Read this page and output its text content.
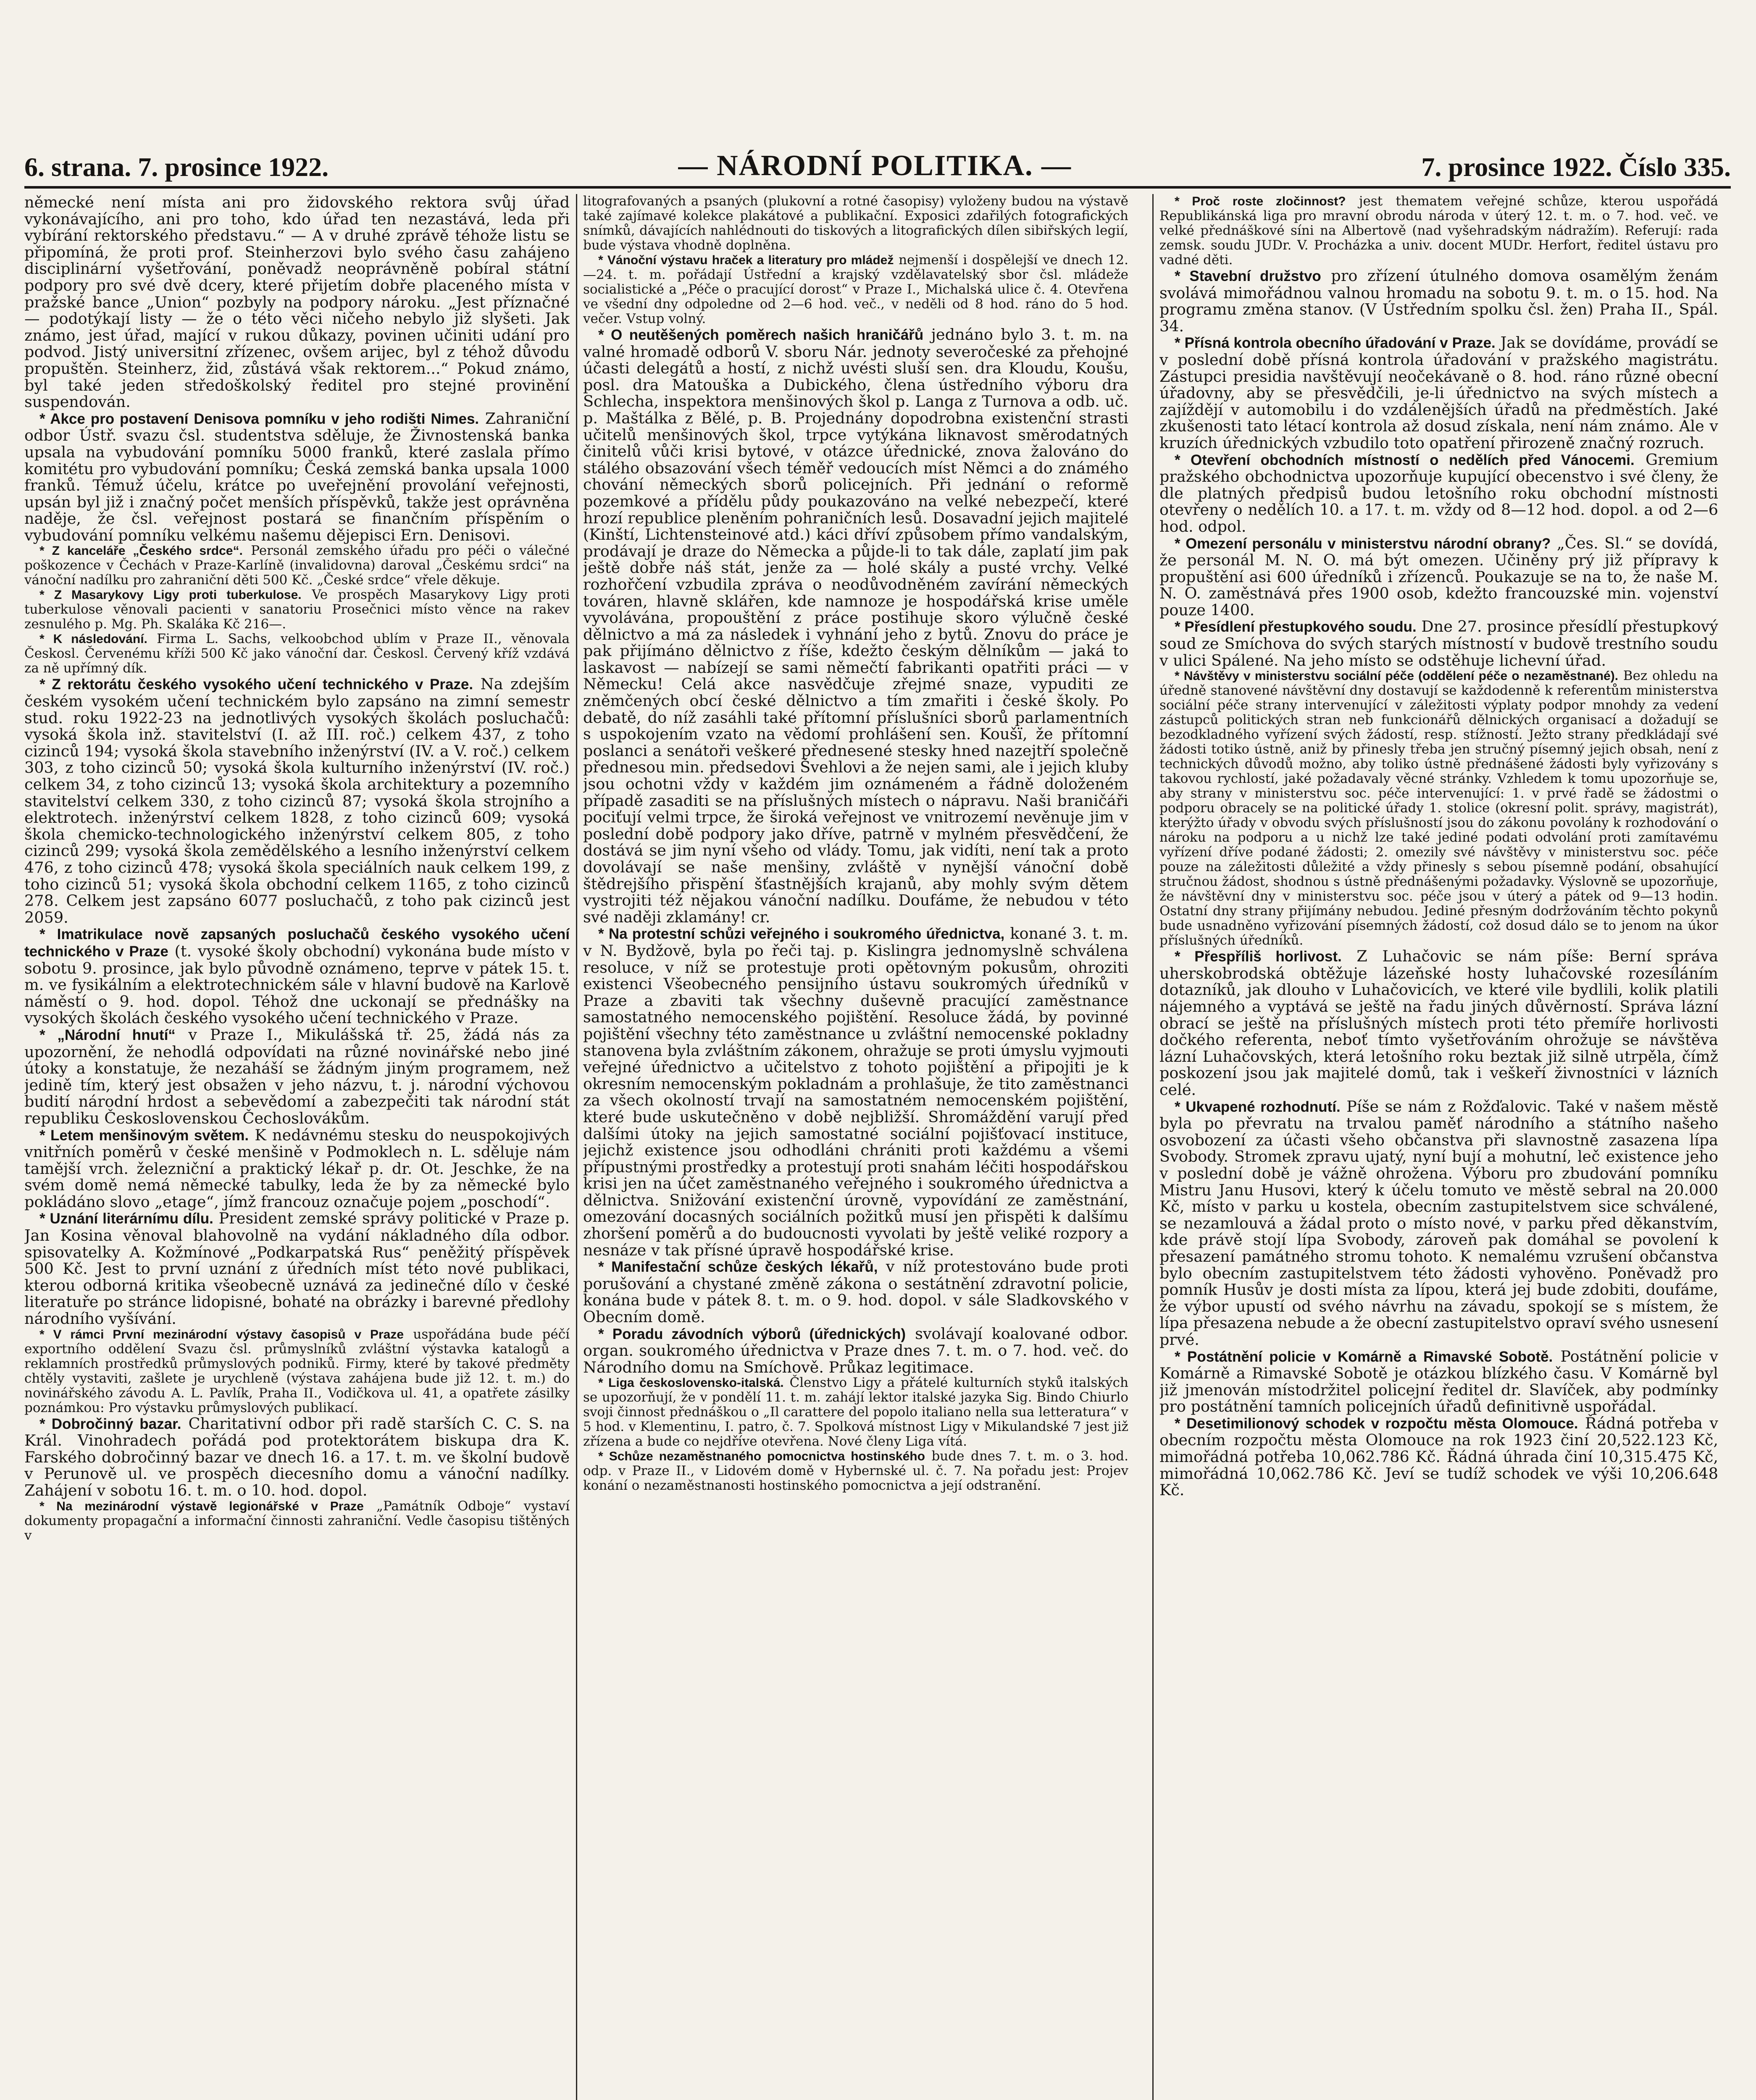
6. strana. 7. prosince 1922.	— NÁRODNÍ POLITIKA. —	7. prosince 1922. Číslo 335.

německé není místa ani pro židovského rektora svůj úřad vykonávajícího, ani pro toho, kdo úřad ten nezastává, leda při vybírání rektorského představu.“ — A v druhé zprávě téhože listu se připomíná, že proti prof. Steinherzovi bylo svého času zahájeno disciplinární vyšetřování, poněvadž neoprávněně pobíral státní podpory pro své dvě dcery, které přijetím dobře placeného místa v pražské bance „Union“ pozbyly na podpory nároku. „Jest příznačné — podotýkají listy — že o této věci ničeho nebylo již slyšeti. Jak známo, jest úřad, mající v rukou důkazy, povinen učiniti udání pro podvod. Jistý universitní zřízenec, ovšem arijec, byl z téhož důvodu propuštěn. Steinherz, žid, zůstává však rektorem...“ Pokud známo, byl také jeden středoškolský ředitel pro stejné provinění suspendován.

* Akce pro postavení Denisova pomníku v jeho rodišti Nimes. Zahraniční odbor Ústř. svazu čsl. studentstva sděluje, že Živnostenská banka upsala na vybudování pomníku 5000 franků, které zaslala přímo komitétu pro vybudování pomníku; Česká zemská banka upsala 1000 franků. Témuž účelu, krátce po uveřejnění provolání veřejnosti, upsán byl již i značný počet menších příspěvků, takže jest oprávněna naděje, že čsl. veřejnost postará se finančním příspěním o vybudování pomníku velkému našemu dějepisci Ern. Denisovi.

* Z kanceláře „Českého srdce“. Personál zemského úřadu pro péči o válečné poškozence v Čechách v Praze-Karlíně (invalidovna) daroval „Českému srdci“ na vánoční nadílku pro zahraniční děti 500 Kč. „České srdce“ vřele děkuje.

* Z Masarykovy Ligy proti tuberkulose. Ve prospěch Masarykovy Ligy proti tuberkulose věnovali pacienti v sanatoriu Prosečnici místo věnce na rakev zesnulého p. Mg. Ph. Skaláka Kč 216—.

* K následování. Firma L. Sachs, velkoobchod ublím v Praze II., věnovala Českosl. Červenému kříži 500 Kč jako vánoční dar. Českosl. Červený kříž vzdává za ně upřímný dík.

* Z rektorátu českého vysokého učení technického v Praze. Na zdejším českém vysokém učení technickém bylo zapsáno na zimní semestr stud. roku 1922-23 na jednotlivých vysokých školách posluchačů: vysoká škola inž. stavitelství (I. až III. roč.) celkem 437, z toho cizinců 194; vysoká škola stavebního inženýrství (IV. a V. roč.) celkem 303, z toho cizinců 50; vysoká škola kulturního inženýrství (IV. roč.) celkem 34, z toho cizinců 13; vysoká škola architektury a pozemního stavitelství celkem 330, z toho cizinců 87; vysoká škola strojního a elektrotech. inženýrství celkem 1828, z toho cizinců 609; vysoká škola chemicko-technologického inženýrství celkem 805, z toho cizinců 299; vysoká škola zemědělského a lesního inženýrství celkem 476, z toho cizinců 478; vysoká škola speciálních nauk celkem 199, z toho cizinců 51; vysoká škola obchodní celkem 1165, z toho cizinců 278. Celkem jest zapsáno 6077 posluchačů, z toho pak cizinců jest 2059.

* Imatrikulace nově zapsaných posluchačů českého vysokého učení technického v Praze (t. vysoké školy obchodní) vykonána bude místo v sobotu 9. prosince, jak bylo původně oznámeno, teprve v pátek 15. t. m. ve fysikálním a elektrotechnickém sále v hlavní budově na Karlově náměstí o 9. hod. dopol. Téhož dne uckonají se přednášky na vysokých školách českého vysokého učení technického v Praze.

* „Národní hnutí“ v Praze I., Mikulášská tř. 25, žádá nás za upozornění, že nehodlá odpovídati na různé novinářské nebo jiné útoky a konstatuje, že nezaháší se žádným jiným programem, než jedině tím, který jest obsažen v jeho názvu, t. j. národní výchovou budití národní hrdost a sebevědomí a zabezpečiti tak národní stát republiku Československou Čechoslovákům.

* Letem menšinovým světem. K nedávnému stesku do neuspokojivých vnitřních poměrů v české menšině v Podmoklech n. L. sděluje nám tamější vrch. železniční a praktický lékař p. dr. Ot. Jeschke, že na svém domě nemá německé tabulky, leda že by za německé bylo pokládáno slovo „etage“, jímž francouz označuje pojem „poschodí“.

* Uznání literárnímu dílu. President zemské správy politické v Praze p. Jan Kosina věnoval blahovolně na vydání nákladného díla odbor. spisovatelky A. Kožmínové „Podkarpatská Rus“ peněžitý příspěvek 500 Kč. Jest to první uznání z úředních míst této nové publikaci, kterou odborná kritika všeobecně uznává za jedinečné dílo v české literatuře po stránce lidopisné, bohaté na obrázky i barevné předlohy národního vyšívání.

* V rámci První mezinárodní výstavy časopisů v Praze uspořádána bude péčí exportního oddělení Svazu čsl. průmyslníků zvláštní výstavka katalogů a reklamních prostředků průmyslových podniků. Firmy, které by takové předměty chtěly vystaviti, zašlete je urychleně (výstava zahájena bude již 12. t. m.) do novinářského závodu A. L. Pavlík, Praha II., Vodičkova ul. 41, a opatřete zásilky poznámkou: Pro výstavku průmyslových publikací.

* Dobročinný bazar. Charitativní odbor při radě starších C. C. S. na Král. Vinohradech pořádá pod protektorátem biskupa dra K. Farského dobročinný bazar ve dnech 16. a 17. t. m. ve školní budově v Perunově ul. ve prospěch diecesního domu a vánoční nadílky. Zahájení v sobotu 16. t. m. o 10. hod. dopol.

* Na mezinárodní výstavě legionářské v Praze „Památník Odboje“ vystaví dokumenty propagační a informační činnosti zahraniční. Vedle časopisu tištěných v

litografovaných a psaných (plukovní a rotné časopisy) vyloženy budou na výstavě také zajímavé kolekce plakátové a publikační. Exposici zdařilých fotografických snímků, dávajících nahlédnouti do tiskových a litografických dílen sibiřských legií, bude výstava vhodně doplněna.

* Vánoční výstavu hraček a literatury pro mládež nejmenší i dospělejší ve dnech 12.—24. t. m. pořádají Ústřední a krajský vzdělavatelský sbor čsl. mládeže socialistické a „Péče o pracující dorost“ v Praze I., Michalská ulice č. 4. Otevřena ve všední dny odpoledne od 2—6 hod. več., v neděli od 8 hod. ráno do 5 hod. večer. Vstup volný.

* O neutěšených poměrech našich hraničářů jednáno bylo 3. t. m. na valné hromadě odborů V. sboru Nár. jednoty severočeské za přehojné účasti delegátů a hostí, z nichž uvésti sluší sen. dra Kloudu, Koušu, posl. dra Matouška a Dubického, člena ústředního výboru dra Schlecha, inspektora menšinových škol p. Langa z Turnova a odb. uč. p. Maštálka z Bělé, p. B. Projednány dopodrobna existenční strasti učitelů menšinových škol, trpce vytýkána liknavost směrodatných činitelů vůči krisi bytové, v otázce úřednické, znova žalováno do stálého obsazování všech téměř vedoucích míst Němci a do známého chování německých sborů policejních. Při jednání o reformě pozemkové a přídělu půdy poukazováno na velké nebezpečí, které hrozí republice pleněním pohraničních lesů. Dosavadní jejich majitelé (Kinští, Lichtensteinové atd.) káci dříví způsobem přímo vandalským, prodávají je draze do Německa a půjde-li to tak dále, zaplatí jim pak ještě dobře náš stát, jenže za — holé skály a pusté vrchy. Velké rozhořčení vzbudila zpráva o neodůvodněném zavírání německých továren, hlavně sklářen, kde namnoze je hospodářská krise uměle vyvolávána, propouštění z práce postihuje skoro výlučně české dělnictvo a má za následek i vyhnání jeho z bytů. Znovu do práce je pak přijímáno dělnictvo z říše, kdežto českým dělníkům — jaká to laskavost — nabízejí se sami němečtí fabrikanti opatřiti práci — v Německu! Celá akce nasvědčuje zřejmé snaze, vypuditi ze zněmčených obcí české dělnictvo a tím zmařiti i české školy. Po debatě, do níž zasáhli také přítomní příslušníci sborů parlamentních s uspokojením vzato na vědomí prohlášení sen. Koušï, že přítomní poslanci a senátoři veškeré přednesené stesky hned nazejtří společně přednesou min. předsedovi Švehlovi a že nejen sami, ale i jejich kluby jsou ochotni vždy v každém jim oznámeném a řádně doloženém případě zasaditi se na příslušných místech o nápravu. Naši braničáři pociťují velmi trpce, že široká veřejnost ve vnitrozemí nevěnuje jim v poslední době podpory jako dříve, patrně v mylném přesvědčení, že dostává se jim nyní všeho od vlády. Tomu, jak vidíti, není tak a proto dovolávají se naše menšiny, zvláště v nynější vánoční době štědrejšího přispění šťastnějších krajanů, aby mohly svým dětem vystrojiti též nějakou vánoční nadílku. Doufáme, že nebudou v této své naději zklamány! cr.

* Na protestní schůzi veřejného i soukromého úřednictva, konané 3. t. m. v N. Bydžově, byla po řeči taj. p. Kislingra jednomyslně schválena resoluce, v níž se protestuje proti opětovným pokusům, ohroziti existenci Všeobecného pensijního ústavu soukromých úředníků v Praze a zbaviti tak všechny duševně pracující zaměstnance samostatného nemocenského pojištění. Resoluce žádá, by povinné pojištění všechny této zaměstnance u zvláštní nemocenské pokladny stanovena byla zvláštním zákonem, ohražuje se proti úmyslu vyjmouti veřejné úřednictvo a učitelstvo z tohoto pojištění a připojiti je k okresním nemocenským pokladnám a prohlašuje, že tito zaměstnanci za všech okolností trvají na samostatném nemocenském pojištění, které bude uskutečněno v době nejbližší. Shromáždění varují před dalšími útoky na jejich samostatné sociální pojišťovací instituce, jejichž existence jsou odhodláni chrániti proti každému a všemi přípustnými prostředky a protestují proti snahám léčiti hospodářskou krisi jen na účet zaměstnaného veřejného i soukromého úřednictva a dělnictva. Snižování existenční úrovně, vypovídání ze zaměstnání, omezování docasných sociálních požitků musí jen přispěti k dalšímu zhoršení poměrů a do budoucnosti vyvolati by ještě veliké rozpory a nesnáze v tak přísné úpravě hospodářské krise.

* Manifestační schůze českých lékařů, v níž protestováno bude proti porušování a chystané změně zákona o sestátnění zdravotní policie, konána bude v pátek 8. t. m. o 9. hod. dopol. v sále Sladkovského v Obecním domě.

* Poradu závodních výborů (úřednických) svolávají koalované odbor. organ. soukromého úřednictva v Praze dnes 7. t. m. o 7. hod. več. do Národního domu na Smíchově. Průkaz legitimace.

* Liga československo-italská. Členstvo Ligy a přátelé kulturních styků italských se upozorňují, že v pondělí 11. t. m. zahájí lektor italské jazyka Sig. Bindo Chiurlo svoji činnost přednáškou o „Il carattere del popolo italiano nella sua letteratura“ v 5 hod. v Klementinu, I. patro, č. 7. Spolková místnost Ligy v Mikulandské 7 jest již zřízena a bude co nejdříve otevřena. Nové členy Liga vítá.

* Schůze nezaměstnaného pomocnictva hostinského bude dnes 7. t. m. o 3. hod. odp. v Praze II., v Lidovém domě v Hybernské ul. č. 7. Na pořadu jest: Projev konání o nezaměstnanosti hostinského pomocnictva a její odstranění.

* Proč roste zločinnost? jest thematem veřejné schůze, kterou uspořádá Republikánská liga pro mravní obrodu národa v úterý 12. t. m. o 7. hod. več. ve velké přednáškové síni na Albertově (nad vyšehradským nádražím). Referují: rada zemsk. soudu JUDr. V. Procházka a univ. docent MUDr. Herfort, ředitel ústavu pro vadné děti.

* Stavební družstvo pro zřízení útulného domova osamělým ženám svolává mimořádnou valnou hromadu na sobotu 9. t. m. o 15. hod. Na programu změna stanov. (V Ústředním spolku čsl. žen) Praha II., Spál. 34.

* Přísná kontrola obecního úřadování v Praze. Jak se dovídáme, provádí se v poslední době přísná kontrola úřadování v pražského magistrátu. Zástupci presidia navštěvují neočekávaně o 8. hod. ráno různé obecní úřadovny, aby se přesvědčili, je-li úřednictvo na svých místech a zajíždějí v automobilu i do vzdálenějších úřadů na předměstích. Jaké zkušenosti tato létací kontrola až dosud získala, není nám známo. Ale v kruzích úřednických vzbudilo toto opatření přirozeně značný rozruch.

* Otevření obchodních místností o nedělích před Vánocemi. Gremium pražského obchodnictva upozorňuje kupující obecenstvo i své členy, že dle platných předpisů budou letošního roku obchodní místnosti otevřeny o nedělích 10. a 17. t. m. vždy od 8—12 hod. dopol. a od 2—6 hod. odpol.

* Omezení personálu v ministerstvu národní obrany? „Čes. Sl.“ se dovídá, že personál M. N. O. má být omezen. Učiněny prý již přípravy k propuštění asi 600 úředníků i zřízenců. Poukazuje se na to, že naše M. N. O. zaměstnává přes 1900 osob, kdežto francouzské min. vojenství pouze 1400.

* Přesídlení přestupkového soudu. Dne 27. prosince přesídlí přestupkový soud ze Smíchova do svých starých místností v budově trestního soudu v ulici Spálené. Na jeho místo se odstěhuje lichevní úřad.

* Návštěvy v ministerstvu sociální péče (oddělení péče o nezaměstnané). Bez ohledu na úředně stanovené návštěvní dny dostavují se každodenně k referentům ministerstva sociální péče strany intervenující v záležitosti výplaty podpor mnohdy za vedení zástupců politických stran neb funkcionářů dělnických organisací a dožadují se bezodkladného vyřízení svých žádostí, resp. stížností. Ježto strany předkládají své žádosti totiko ústně, aniž by přinesly třeba jen stručný písemný jejich obsah, není z technických důvodů možno, aby toliko ústně přednášené žádosti byly vyřizovány s takovou rychlostí, jaké požadavaly věcné stránky. Vzhledem k tomu upozorňuje se, aby strany v ministerstvu soc. péče intervenující: 1. v prvé řadě se žádostmi o podporu obracely se na politické úřady 1. stolice (okresní polit. správy, magistrát), kterýžto úřady v obvodu svých příslušností jsou do zákonu povolány k rozhodování o nároku na podporu a u nichž lze také jediné podati odvolání proti zamítavému vyřízení dříve podané žádosti; 2. omezily své návštěvy v ministerstvu soc. péče pouze na záležitosti důležité a vždy přinesly s sebou písemně podání, obsahující stručnou žádost, shodnou s ústně přednášenými požadavky. Výslovně se upozorňuje, že návštěvní dny v ministerstvu soc. péče jsou v úterý a pátek od 9—13 hodin. Ostatní dny strany přijímány nebudou. Jediné přesným dodržováním těchto pokynů bude usnadněno vyřizování písemných žádostí, což dosud dálo se to jenom na úkor příslušných úředníků.

* Přespříliš horlivost. Z Luhačovic se nám píše: Berní správa uherskobrodská obtěžuje lázeňské hosty luhačovské rozesíláním dotazníků, jak dlouho v Luhačovicích, ve které vile bydlili, kolik platili nájemného a vyptává se ještě na řadu jiných důvěrností. Správa lázní obrací se ještě na příslušných místech proti této přemíře horlivosti dočkého referenta, neboť tímto vyšetřováním ohrožuje se návštěva lázní Luhačovských, která letošního roku beztak již silně utrpěla, čímž poskození jsou jak majitelé domů, tak i veškeří živnostníci v lázních celé.

* Ukvapené rozhodnutí. Píše se nám z Rožďalovic. Také v našem městě byla po převratu na trvalou paměť národního a státního našeho osvobození za účasti všeho občanstva při slavnostně zasazena lípa Svobody. Stromek zpravu ujatý, nyní bují a mohutní, leč existence jeho v poslední době je vážně ohrožena. Výboru pro zbudování pomníku Mistru Janu Husovi, který k účelu tomuto ve městě sebral na 20.000 Kč, místo v parku u kostela, obecním zastupitelstvem sice schválené, se nezamlouvá a žádal proto o místo nové, v parku před děkanstvím, kde právě stojí lípa Svobody, zároveň pak domáhal se povolení k přesazení památného stromu tohoto. K nemalému vzrušení občanstva bylo obecním zastupitelstvem této žádosti vyhověno. Poněvadž pro pomník Husův je dosti místa za lípou, která jej bude zdobiti, doufáme, že výbor upustí od svého návrhu na závadu, spokojí se s místem, že lípa přesazena nebude a že obecní zastupitelstvo opraví svého usnesení prvé.

* Postátnění policie v Komárně a Rimavské Sobotě. Postátnění policie v Komárně a Rimavské Sobotě je otázkou blízkého času. V Komárně byl již jmenován místodržitel policejní ředitel dr. Slavíček, aby podmínky pro postátnění tamních policejních úřadů definitivně uspořádal.

* Desetimilionový schodek v rozpočtu města Olomouce. Řádná potřeba v obecním rozpočtu města Olomouce na rok 1923 činí 20,522.123 Kč, mimořádná potřeba 10,062.786 Kč. Řádná úhrada činí 10,315.475 Kč, mimořádná 10,062.786 Kč. Jeví se tudíž schodek ve výši 10,206.648 Kč.
